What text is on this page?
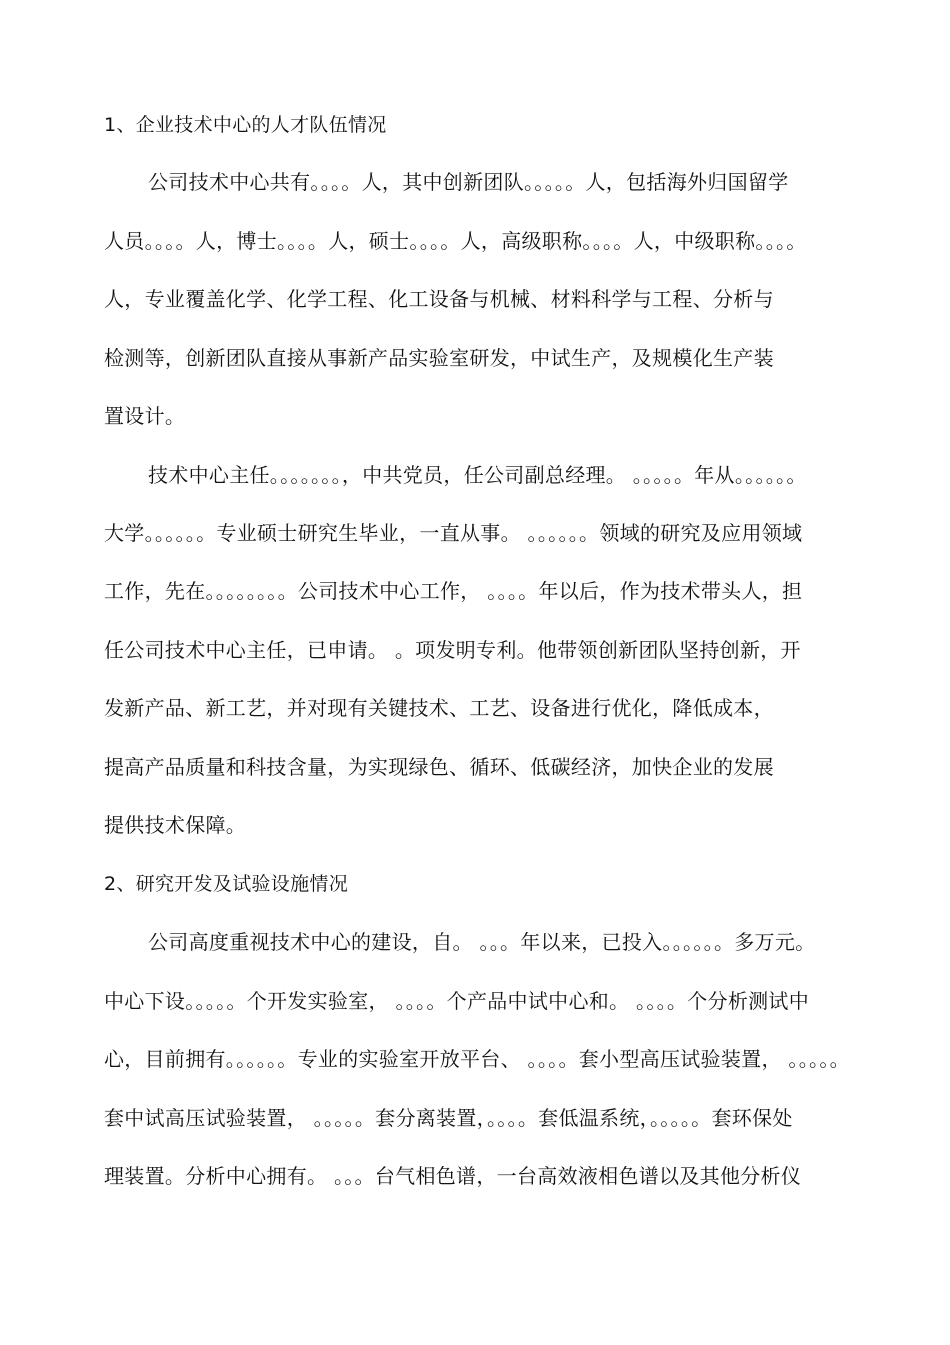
1、企业技术中心的人才队伍情况
公司技术中心共有。。。。人，其中创新团队。。。。。人，包括海外归国留学
人员。。。。人，博士。。。。人，硕士。。。。人，高级职称。。。。人，中级职称。。。。
人，专业覆盖化学、化学工程、化工设备与机械、材料科学与工程、分析与
检测等，创新团队直接从事新产品实验室研发，中试生产，及规模化生产装
置设计。
技术中心主任。。。。。。。，中共党员，任公司副总经理。 。。。。。年从。。。。。。
大学。。。。。。专业硕士研究生毕业，一直从事。 。。。。。。领域的研究及应用领域
工作，先在。。。。。。。。公司技术中心工作， 。。。。年以后，作为技术带头人，担
任公司技术中心主任，已申请。 。项发明专利。他带领创新团队坚持创新，开
发新产品、新工艺，并对现有关键技术、工艺、设备进行优化，降低成本，
提高产品质量和科技含量，为实现绿色、循环、低碳经济，加快企业的发展
提供技术保障。
2、研究开发及试验设施情况
公司高度重视技术中心的建设，自。 。。。年以来，已投入。。。。。。多万元。
中心下设。。。。。个开发实验室， 。。。。个产品中试中心和。 。。。。个分析测试中
心，目前拥有。。。。。。专业的实验室开放平台、 。。。。套小型高压试验装置， 。。。。。
套中试高压试验装置， 。。。。。套分离装置，。。。。套低温系统，。。。。。套环保处
理装置。分析中心拥有。 。。。台气相色谱，一台高效液相色谱以及其他分析仪
